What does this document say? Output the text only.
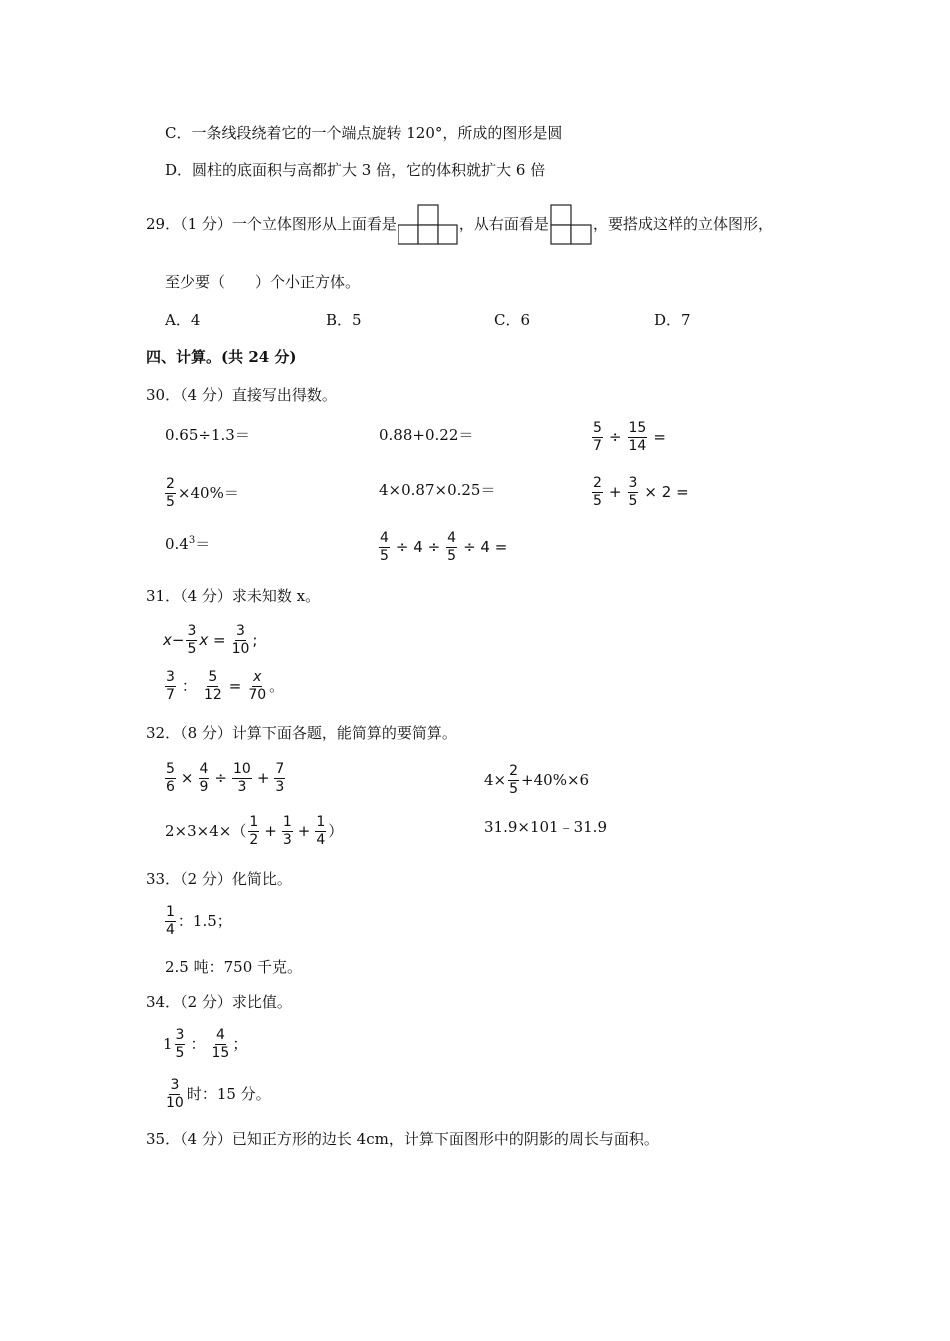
C．一条线段绕着它的一个端点旋转 120°，所成的图形是圆
D．圆柱的底面积与高都扩大 3 倍，它的体积就扩大 6 倍
29．（1 分） 一个立体图形从上面看是	，从右面看是	，要搭成这样的立体图形，
至少要（　　）个小正方体。
A．4	B．5	C．6	D．7
四、计算。(共 24 分)
30．（4 分）直接写出得数。
0.65÷1.3＝	0.88+0.22＝	$\frac{5}{7} \div \frac{15}{14}$ =
$\frac{2}{5} \times 40\%=$	4×0.87×0.25＝	$\frac{2}{5} + \frac{3}{5} \times 2$ =
$0.4^3=$	$\frac{4}{5} \div 4 \div \frac{4}{5} \div 4$ =
31．（4 分）求未知数 x。
$x- \frac{3}{5}$ $x = \frac{3}{10}$ ;
$\frac{3}{7}$ ： $\frac{5}{12} = \frac{x}{70}$ 。
32．（8 分）计算下面各题，能简算的要简算。
$\frac{5}{6} \times \frac{4}{9} \div \frac{10}{3} + \frac{7}{3}$	$4\times \frac{2}{5} +40\%\times 6$
$2\times 3\times 4\times( \frac{1}{2} + \frac{1}{3} + \frac{1}{4}$ ）	31.9×101﹣31.9
33．（2 分）化简比。
$\frac{1}{4}$ ：1.5；
2.5 吨：750 千克。
34．（2 分）求比值。
$1 \frac{3}{5}$ ： $\frac{4}{15}$ ；
$\frac{3}{10}$ 时：15 分。
35．（4 分）已知正方形的边长 4cm，计算下面图形中的阴影的周长与面积。
